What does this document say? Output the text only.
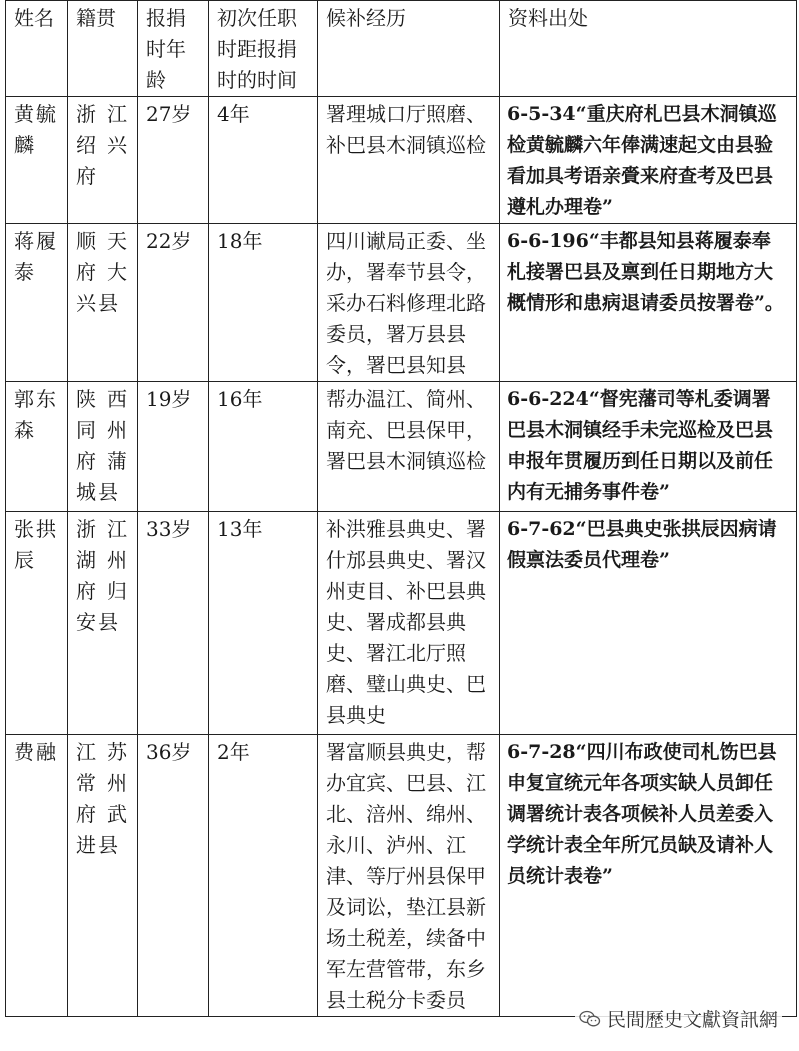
姓名	籍贯	报捐时年龄	初次任职时距报捐时的时间	候补经历	资料出处
黄毓麟	浙江绍兴府	27岁	4年	署理城口厅照磨、补巴县木洞镇巡检	6-5-34“重庆府札巴县木洞镇巡检黄毓麟六年俸满速起文由县验看加具考语亲賫来府查考及巴县遵札办理卷”
蒋履泰	顺天府大兴县	22岁	18年	四川谳局正委、坐办，署奉节县令，采办石料修理北路委员，署万县县令，署巴县知县	6-6-196“丰都县知县蒋履泰奉札接署巴县及禀到任日期地方大概情形和患病退请委员按署卷”。
郭东森	陕西同州府蒲城县	19岁	16年	帮办温江、简州、南充、巴县保甲，署巴县木洞镇巡检	6-6-224“督宪藩司等札委调署巴县木洞镇经手未完巡检及巴县申报年贯履历到任日期以及前任内有无捕务事件卷”
张拱辰	浙江湖州府归安县	33岁	13年	补洪雅县典史、署什邡县典史、署汉州吏目、补巴县典史、署成都县典史、署江北厅照磨、璧山典史、巴县典史	6-7-62“巴县典史张拱辰因病请假禀法委员代理卷”
费融	江苏常州府武进县	36岁	2年	署富顺县典史，帮办宜宾、巴县、江北、涪州、绵州、永川、泸州、江津、等厅州县保甲及词讼，垫江县新场土税差，续备中军左营管带，东乡县土税分卡委员	6-7-28“四川布政使司札饬巴县申复宣统元年各项实缺人员卸任调署统计表各项候补人员差委入学统计表全年所冗员缺及请补人员统计表卷”
民間歷史文獻資訊網
